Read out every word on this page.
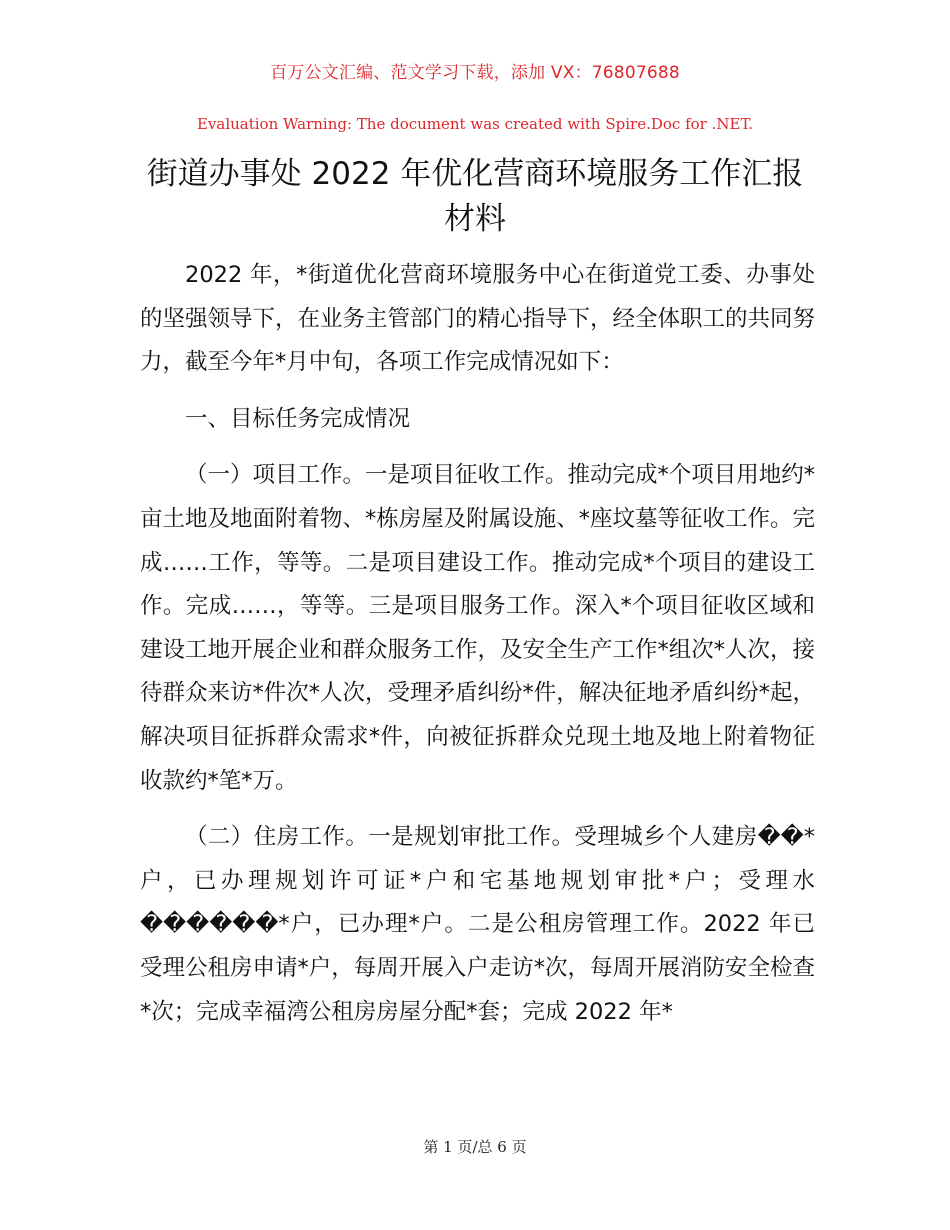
百万公文汇编、范文学习下载，添加 VX：76807688
Evaluation Warning: The document was created with Spire.Doc for .NET.
街道办事处 2022 年优化营商环境服务工作汇报材料

2022 年，*街道优化营商环境服务中心在街道党工委、办事处的坚强领导下，在业务主管部门的精心指导下，经全体职工的共同努力，截至今年*月中旬，各项工作完成情况如下：

一、目标任务完成情况

（一）项目工作。一是项目征收工作。推动完成*个项目用地约*亩土地及地面附着物、*栋房屋及附属设施、*座坟墓等征收工作。完成……工作，等等。二是项目建设工作。推动完成*个项目的建设工作。完成……，等等。三是项目服务工作。深入*个项目征收区域和建设工地开展企业和群众服务工作，及安全生产工作*组次*人次，接待群众来访*件次*人次，受理矛盾纠纷*件，解决征地矛盾纠纷*起，解决项目征拆群众需求*件，向被征拆群众兑现土地及地上附着物征收款约*笔*万。

（二）住房工作。一是规划审批工作。受理城乡个人建房��*户，已办理规划许可证*户和宅基地规划审批*户；受理水������*户，已办理*户。二是公租房管理工作。2022 年已受理公租房申请*户，每周开展入户走访*次，每周开展消防安全检查*次；完成幸福湾公租房房屋分配*套；完成 2022 年*

第 1 页/总 6 页
